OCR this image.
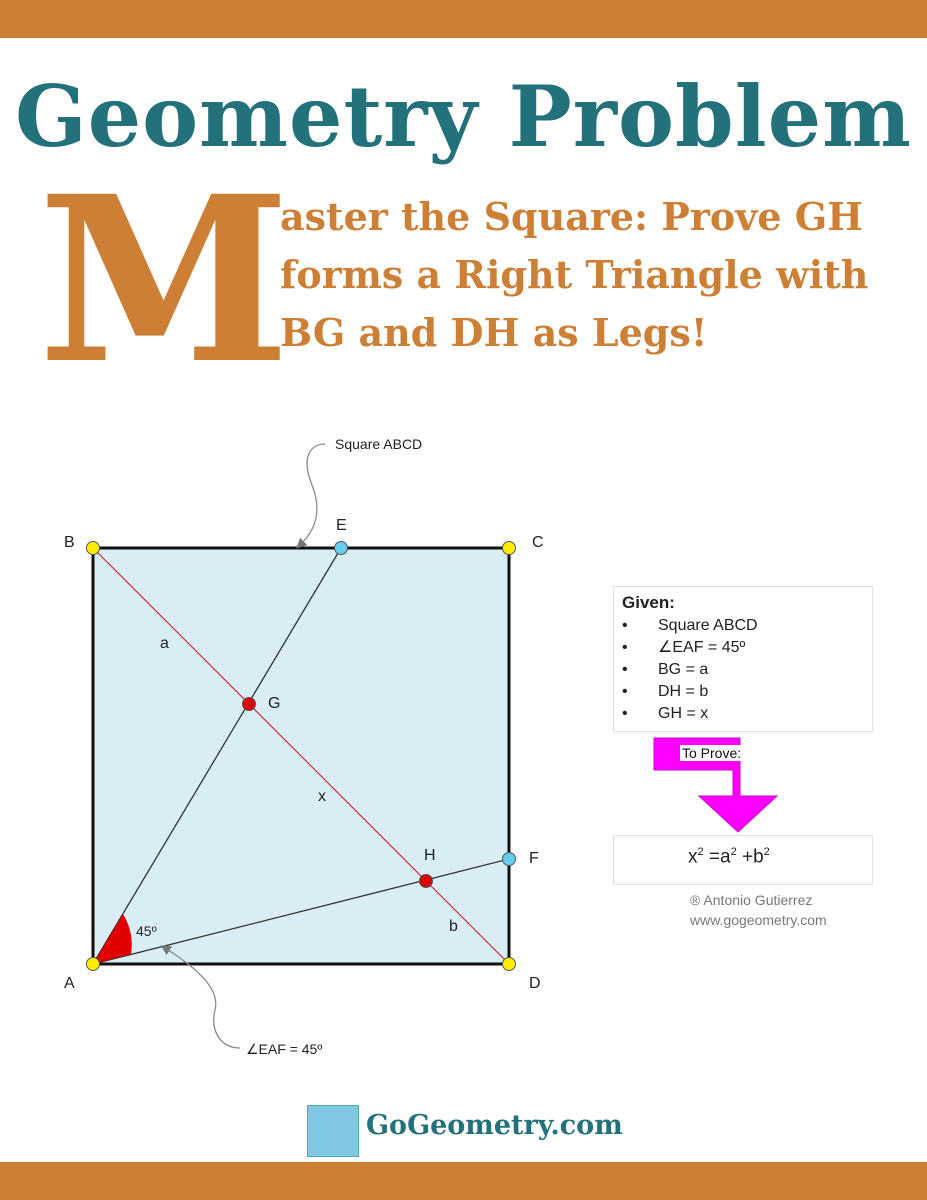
Geometry Problem
M

aster the Square: Prove GH forms a Right Triangle with BG and DH as Legs!

B	C
A	D
E
F
G
H
a
x
b
45º
Square ABCD
∠EAF = 45º
Given:
• Square ABCD
• ∠EAF = 45º
• BG = a
• DH = b
• GH = x
To Prove:
$x^2 =a^2 +b^2$
® Antonio Gutierrez
www.gogeometry.com
GoGeometry.com
